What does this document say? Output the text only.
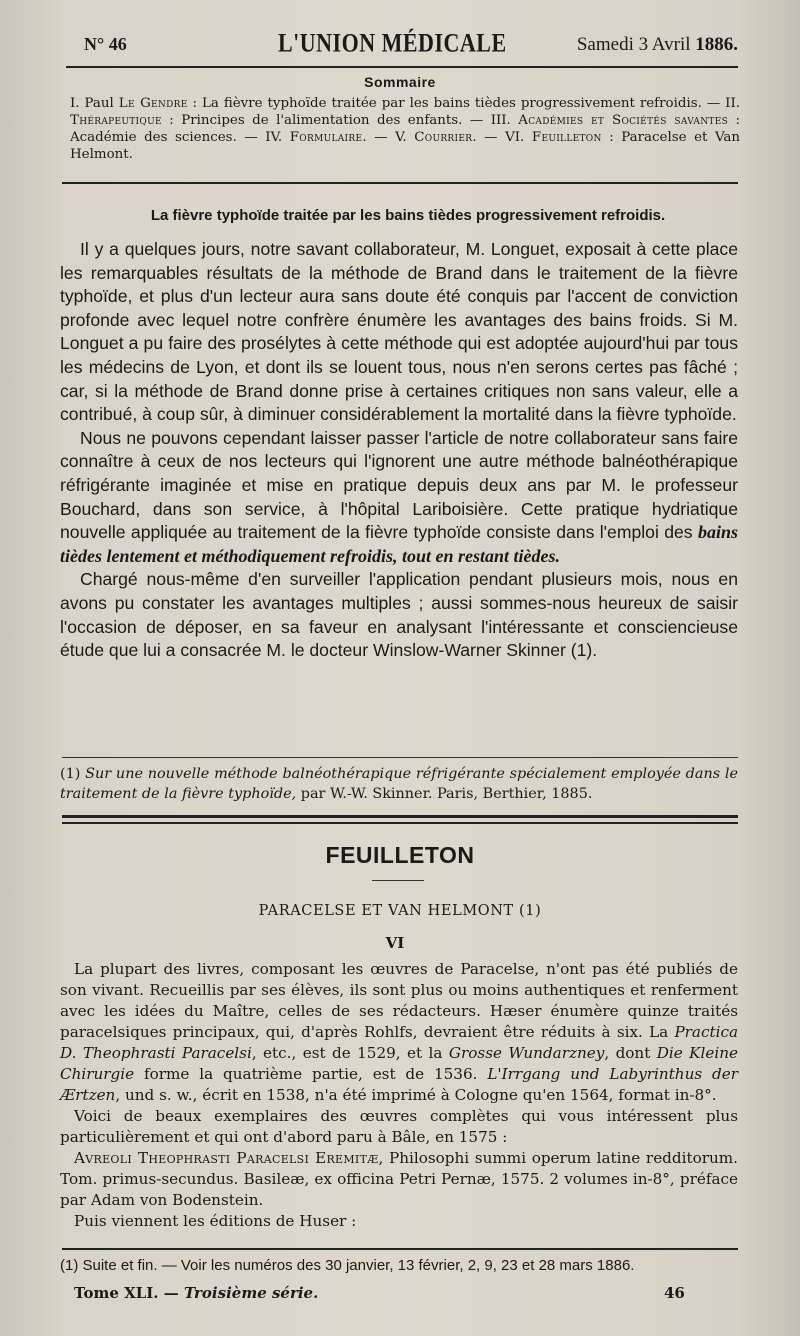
N° 46	L'UNION MÉDICALE	Samedi 3 Avril 1886.
Sommaire
I. Paul Le Gendre : La fièvre typhoïde traitée par les bains tièdes progressivement refroidis. — II. Thérapeutique : Principes de l'alimentation des enfants. — III. Académies et Sociétés savantes : Académie des sciences. — IV. Formulaire. — V. Courrier. — VI. Feuilleton : Paracelse et Van Helmont.
La fièvre typhoïde traitée par les bains tièdes progressivement refroidis.

Il y a quelques jours, notre savant collaborateur, M. Longuet, exposait à cette place les remarquables résultats de la méthode de Brand dans le traitement de la fièvre typhoïde, et plus d'un lecteur aura sans doute été conquis par l'accent de conviction profonde avec lequel notre confrère énumère les avantages des bains froids. Si M. Longuet a pu faire des prosélytes à cette méthode qui est adoptée aujourd'hui par tous les médecins de Lyon, et dont ils se louent tous, nous n'en serons certes pas fâché ; car, si la méthode de Brand donne prise à certaines critiques non sans valeur, elle a contribué, à coup sûr, à diminuer considérablement la mortalité dans la fièvre typhoïde.

Nous ne pouvons cependant laisser passer l'article de notre collaborateur sans faire connaître à ceux de nos lecteurs qui l'ignorent une autre méthode balnéothérapique réfrigérante imaginée et mise en pratique depuis deux ans par M. le professeur Bouchard, dans son service, à l'hôpital Lariboisière. Cette pratique hydriatique nouvelle appliquée au traitement de la fièvre typhoïde consiste dans l'emploi des bains tièdes lentement et méthodiquement refroidis, tout en restant tièdes.

Chargé nous-même d'en surveiller l'application pendant plusieurs mois, nous en avons pu constater les avantages multiples ; aussi sommes-nous heureux de saisir l'occasion de déposer, en sa faveur en analysant l'intéressante et consciencieuse étude que lui a consacrée M. le docteur Winslow-Warner Skinner (1).

(1) Sur une nouvelle méthode balnéothérapique réfrigérante spécialement employée dans le traitement de la fièvre typhoïde, par W.-W. Skinner. Paris, Berthier, 1885.
FEUILLETON
PARACELSE ET VAN HELMONT (1)
VI

La plupart des livres, composant les œuvres de Paracelse, n'ont pas été publiés de son vivant. Recueillis par ses élèves, ils sont plus ou moins authentiques et renferment avec les idées du Maître, celles de ses rédacteurs. Hæser énumère quinze traités paracelsiques principaux, qui, d'après Rohlfs, devraient être réduits à six. La Practica D. Theophrasti Paracelsi, etc., est de 1529, et la Grosse Wundarzney, dont Die Kleine Chirurgie forme la quatrième partie, est de 1536. L'Irrgang und Labyrinthus der Ærtzen, und s. w., écrit en 1538, n'a été imprimé à Cologne qu'en 1564, format in-8°.

Voici de beaux exemplaires des œuvres complètes qui vous intéressent plus particulièrement et qui ont d'abord paru à Bâle, en 1575 :

Avreoli Theophrasti Paracelsi Eremitæ, Philosophi summi operum latine redditorum. Tom. primus-secundus. Basileæ, ex officina Petri Pernæ, 1575. 2 volumes in-8°, préface par Adam von Bodenstein.

Puis viennent les éditions de Huser :

(1) Suite et fin. — Voir les numéros des 30 janvier, 13 février, 2, 9, 23 et 28 mars 1886.
Tome XLI. — Troisième série.	46
